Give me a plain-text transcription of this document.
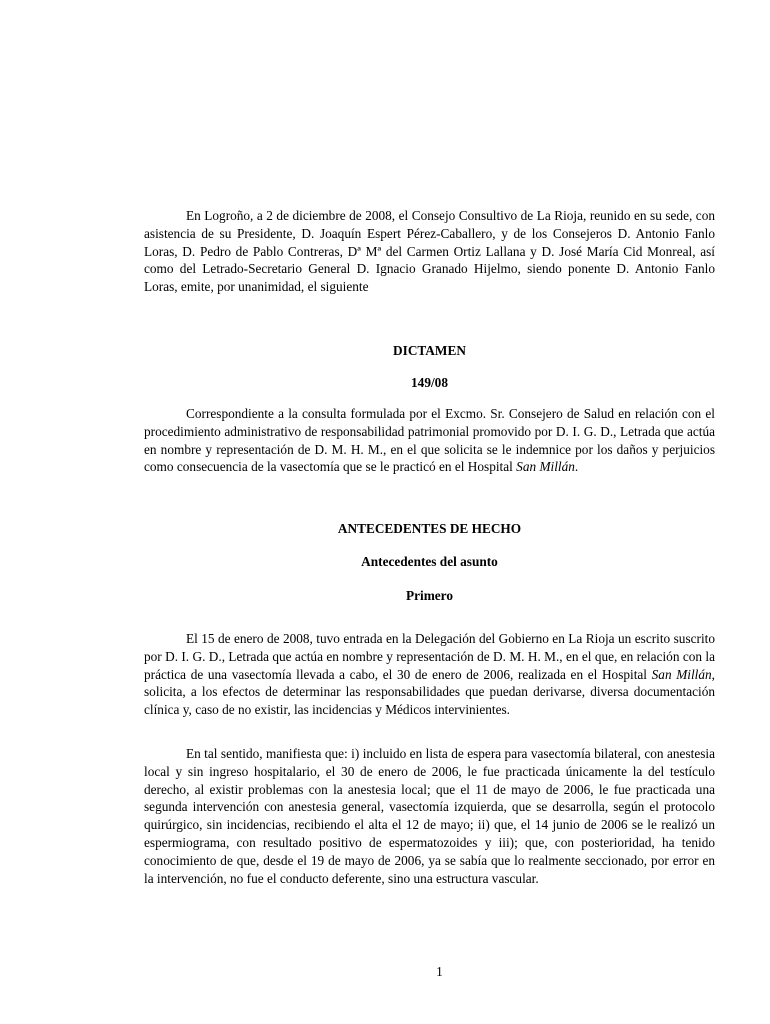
En Logroño, a 2 de diciembre de 2008, el Consejo Consultivo de La Rioja, reunido en su sede, con asistencia de su Presidente, D. Joaquín Espert Pérez-Caballero, y de los Consejeros D. Antonio Fanlo Loras, D. Pedro de Pablo Contreras, Dª Mª del Carmen Ortiz Lallana y D. José María Cid Monreal, así como del Letrado-Secretario General D. Ignacio Granado Hijelmo, siendo ponente D. Antonio Fanlo Loras, emite, por unanimidad, el siguiente

DICTAMEN

149/08

Correspondiente a la consulta formulada por el Excmo. Sr. Consejero de Salud en relación con el procedimiento administrativo de responsabilidad patrimonial promovido por D. I. G. D., Letrada que actúa en nombre y representación de D. M. H. M., en el que solicita se le indemnice por los daños y perjuicios como consecuencia de la vasectomía que se le practicó en el Hospital San Millán.

ANTECEDENTES DE HECHO

Antecedentes del asunto

Primero

El 15 de enero de 2008, tuvo entrada en la Delegación del Gobierno en La Rioja un escrito suscrito por D. I. G. D., Letrada que actúa en nombre y representación de D. M. H. M., en el que, en relación con la práctica de una vasectomía llevada a cabo, el 30 de enero de 2006, realizada en el Hospital San Millán, solicita, a los efectos de determinar las responsabilidades que puedan derivarse, diversa documentación clínica y, caso de no existir, las incidencias y Médicos intervinientes.

En tal sentido, manifiesta que: i) incluido en lista de espera para vasectomía bilateral, con anestesia local y sin ingreso hospitalario, el 30 de enero de 2006, le fue practicada únicamente la del testículo derecho, al existir problemas con la anestesia local; que el 11 de mayo de 2006, le fue practicada una segunda intervención con anestesia general, vasectomía izquierda, que se desarrolla, según el protocolo quirúrgico, sin incidencias, recibiendo el alta el 12 de mayo; ii) que, el 14 junio de 2006 se le realizó un espermiograma, con resultado positivo de espermatozoides y iii); que, con posterioridad, ha tenido conocimiento de que, desde el 19 de mayo de 2006, ya se sabía que lo realmente seccionado, por error en la intervención, no fue el conducto deferente, sino una estructura vascular.

1
